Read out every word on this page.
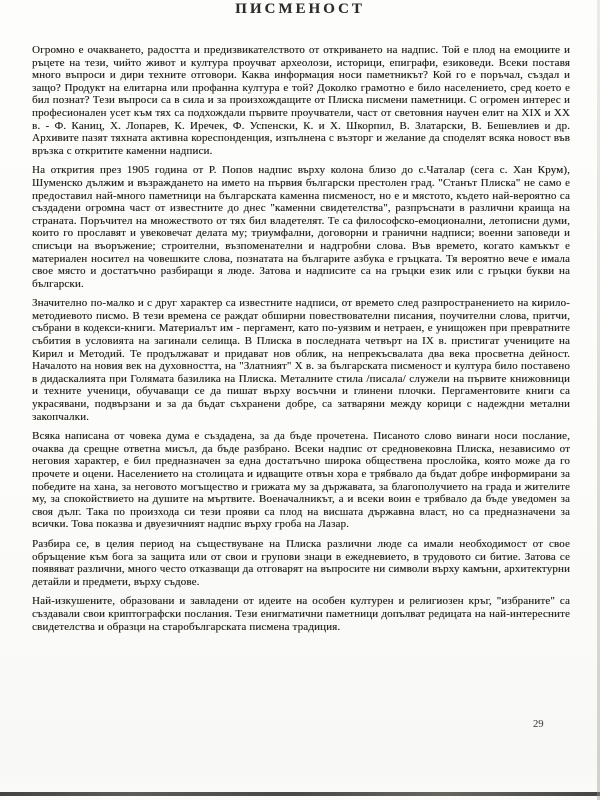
ПИСМЕНОСТ

Огромно е очакването, радостта и предизвикателството от откриването на надпис. Той е плод на емоциите и ръцете на тези, чийто живот и култура проучват археолози, историци, епиграфи, езиковеди. Всеки поставя много въпроси и дири техните отговори. Каква информация носи паметникът? Кой го е поръчал, създал и защо? Продукт на елитарна или профанна култура е той? Доколко грамотно е било населението, сред което е бил познат? Тези въпроси са в сила и за произхождащите от Плиска писмени паметници. С огромен интерес и професионален усет към тях са подхождали първите проучватели, част от световния научен елит на XIX и XX в. - Ф. Каниц, Х. Лопарев, К. Иречек, Ф. Успенски, К. и Х. Шкорпил, В. Златарски, В. Бешевлиев и др. Архивите пазят тяхната активна кореспонденция, изпълнена с възторг и желание да споделят всяка новост във връзка с откритите каменни надписи.

На открития през 1905 година от Р. Попов надпис върху колона близо до с.Чаталар (сега с. Хан Крум), Шуменско дължим и възраждането на името на първия български престолен град. "Станът Плиска" не само е предоставил най-много паметници на българската каменна писменост, но е и мястото, където най-вероятно са създадени огромна част от известните до днес "каменни свидетелства", разпръснати в различни краища на страната. Поръчител на множеството от тях бил владетелят. Те са философско-емоционални, летописни думи, които го прославят и увековечат делата му; триумфални, договорни и гранични надписи; военни заповеди и списъци на въоръжение; строителни, възпоменателни и надгробни слова. Във времето, когато камъкът е материален носител на човешките слова, познатата на българите азбука е гръцката. Тя вероятно вече е имала свое място и достатъчно разбиращи я люде. Затова и надписите са на гръцки език или с гръцки букви на български.

Значително по-малко и с друг характер са известните надписи, от времето след разпространението на кирило-методиевото писмо. В тези времена се раждат обширни повествователни писания, поучителни слова, притчи, събрани в кодекси-книги. Материалът им - пергамент, като по-уязвим и нетраен, е унищожен при превратните събития в условията на загинали селища. В Плиска в последната четвърт на IX в. пристигат учениците на Кирил и Методий. Те продължават и придават нов облик, на непрекъсвалата два века просветна дейност. Началото на новия век на духовността, на "Златният" X в. за българската писменост и култура било поставено в дидаскалията при Голямата базилика на Плиска. Металните стила /писала/ служели на първите книжовници и техните ученици, обучаващи се да пишат върху восъчни и глинени плочки. Пергаментовите книги са украсявани, подвързани и за да бъдат съхранени добре, са затваряни между корици с надеждни метални закопчалки.

Всяка написана от човека дума е създадена, за да бъде прочетена. Писаното слово винаги носи послание, очаква да срещне ответна мисъл, да бъде разбрано. Всеки надпис от средновековна Плиска, независимо от неговия характер, е бил предназначен за една достатъчно широка обществена прослойка, която може да го прочете и оцени. Населението на столицата и идващите отвън хора е трябвало да бъдат добре информирани за победите на хана, за неговото могъщество и грижата му за държавата, за благополучието на града и жителите му, за спокойствието на душите на мъртвите. Военачалникът, а и всеки воин е трябвало да бъде уведомен за своя дълг. Така по произхода си тези прояви са плод на висшата държавна власт, но са предназначени за всички. Това показва и двуезичният надпис върху гроба на Лазар.

Разбира се, в целия период на съществуване на Плиска различни люде са имали необходимост от свое обръщение към бога за защита или от свои и групови знаци в ежедневието, в трудовото си битие. Затова се появяват различни, много често отказващи да отговарят на въпросите ни символи върху камъни, архитектурни детайли и предмети, върху съдове.

Най-изкушените, образовани и завладени от идеите на особен културен и религиозен кръг, "избраните" са създавали свои криптографски послания. Тези енигматични паметници допълват редицата на най-интересните свидетелства и образци на старобългарската писмена традиция.

29
